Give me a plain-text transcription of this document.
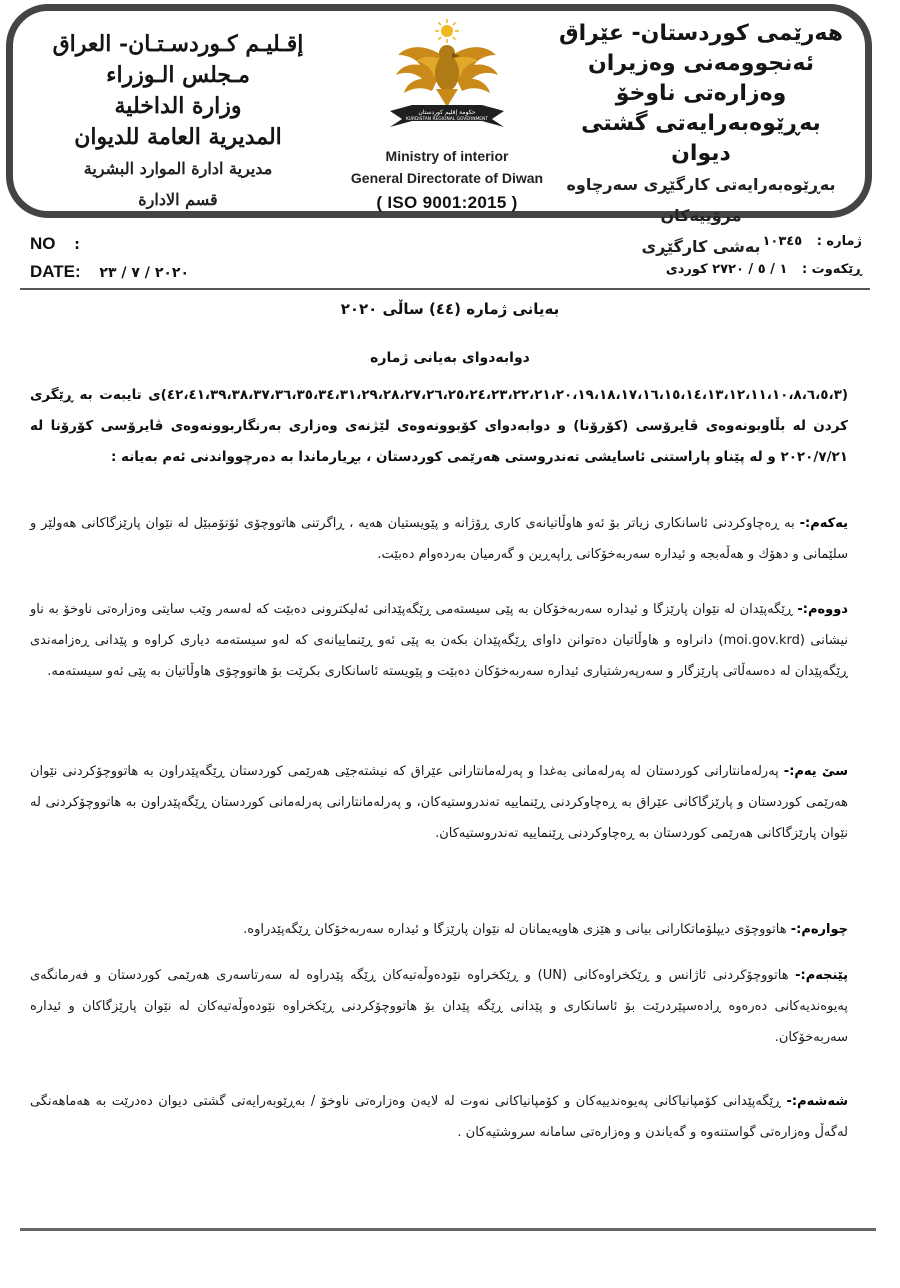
هەرێمی کوردستان- عێراق
ئەنجوومەنی وەزیران
وەزارەتی ناوخۆ
بەڕێوەبەرایەتی گشتی دیوان
بەڕێوەبەرایەتی کارگێڕی سەرچاوە مرۆییەکان
بەشی کارگێڕی
حكومة إقليم كوردستان
KURDISTAN REGIONAL GOVERNMENT
Ministry of interior
General Directorate of Diwan
( ISO 9001:2015 )
إقـليـم كـوردسـتـان- العراق
مـجلس الـوزراء
وزارة الداخلية
المديرية العامة للديوان
مديرية ادارة الموارد البشرية
قسم الادارة
NO :	ژمارە : ١٠٣٤٥
DATE: ٢٠٢٠ / ٧ / ٢٣	ڕێکەوت : ١ / ٥ / ٢٧٢٠ کوردی
بەیانی ژمارە (٤٤) ساڵی ٢٠٢٠
دوابەدوای بەیانی ژمارە
(٤٢،٤١،٣٩،٣٨،٣٧،٣٦،٣٥،٣٤،٣١،٢٩،٢٨،٢٧،٢٦،٢٥،٢٤،٢٣،٢٢،٢١،٢٠،١٩،١٨،١٧،١٦،١٥،١٤،١٣،١٢،١١،١٠،٨،٦،٥،٣)ی تایبەت بە ڕێگری کردن لە بڵاوبونەوەی ڤایرۆسی (کۆرۆنا) و دوابەدوای کۆبوونەوەی لێژنەی وەزاری بەرنگاربوونەوەی ڤایرۆسی کۆرۆنا لە ٢٠٢٠/٧/٢١ و لە پێناو پاراستنی ئاسایشی تەندروستی هەرێمی کوردستان ، بڕیارماندا بە دەرچوواندنی ئەم بەیانە :
یەکەم:- بە ڕەچاوکردنی ئاسانکاری زیاتر بۆ ئەو هاوڵاتیانەی کاری ڕۆژانە و پێویستیان هەیە ، ڕاگرتنی هاتووچۆی ئۆتۆمبێل لە نێوان پارێزگاکانی هەولێر و سلێمانی و دهۆك و هەڵەبجە و ئیدارە سەربەخۆکانی ڕاپەڕین و گەرمیان بەردەوام دەبێت.
دووەم:- ڕێگەپێدان لە نێوان پارێزگا و ئیدارە سەربەخۆکان بە پێی سیستەمی ڕێگەپێدانی ئەلیکترونی دەبێت کە لەسەر وێب سایتی وەزارەتی ناوخۆ بە ناو نیشانی (moi.gov.krd) دانراوە و هاوڵاتیان دەتوانن داوای ڕێگەپێدان بکەن بە پێی ئەو ڕێنماییانەی کە لەو سیستەمە دیاری کراوە و پێدانی ڕەزامەندی ڕێگەپێدان لە دەسەڵاتی پارێزگار و سەرپەرشتیاری ئیدارە سەربەخۆکان دەبێت و پێویستە ئاسانکاری بکرێت بۆ هاتووچۆی هاوڵاتیان بە پێی ئەو سیستەمە.
سێ یەم:- پەرلەمانتارانی کوردستان لە پەرلەمانی بەغدا و پەرلەمانتارانی عێراق کە نیشتەجێی هەرێمی کوردستان ڕێگەپێدراون بە هاتووچۆکردنی نێوان هەرێمی کوردستان و پارێزگاکانی عێراق بە ڕەچاوکردنی ڕێنماییە تەندروستیەکان، و پەرلەمانتارانی پەرلەمانی کوردستان ڕێگەپێدراون بە هاتووچۆکردنی لە نێوان پارێزگاکانی هەرێمی کوردستان بە ڕەچاوکردنی ڕێنماییە تەندروستیەکان.
چوارەم:- هاتووچۆی دیپلۆماتکارانی بیانی و هێزی هاوپەیمانان لە نێوان پارێزگا و ئیدارە سەربەخۆکان ڕێگەپێدراوە.
پێنجەم:- هاتووچۆکردنی ئاژانس و ڕێکخراوەکانی (UN) و ڕێکخراوە نێودەوڵەتیەکان ڕێگە پێدراوە لە سەرتاسەری هەرێمی کوردستان و فەرمانگەی پەیوەندیەکانی دەرەوە ڕادەسپێردرێت بۆ ئاسانکاری و پێدانی ڕێگە پێدان بۆ هاتووچۆکردنی ڕێکخراوە نێودەوڵەتیەکان لە نێوان پارێزگاکان و ئیدارە سەربەخۆکان.
شەشەم:- ڕێگەپێدانی کۆمپانیاکانی پەیوەندییەکان و کۆمپانیاکانی نەوت لە لایەن وەزارەتی ناوخۆ / بەڕێوبەرایەتی گشتی دیوان دەدرێت بە هەماهەنگی لەگەڵ وەزارەتی گواستنەوە و گەیاندن و وەزارەتی سامانە سروشتیەکان .
